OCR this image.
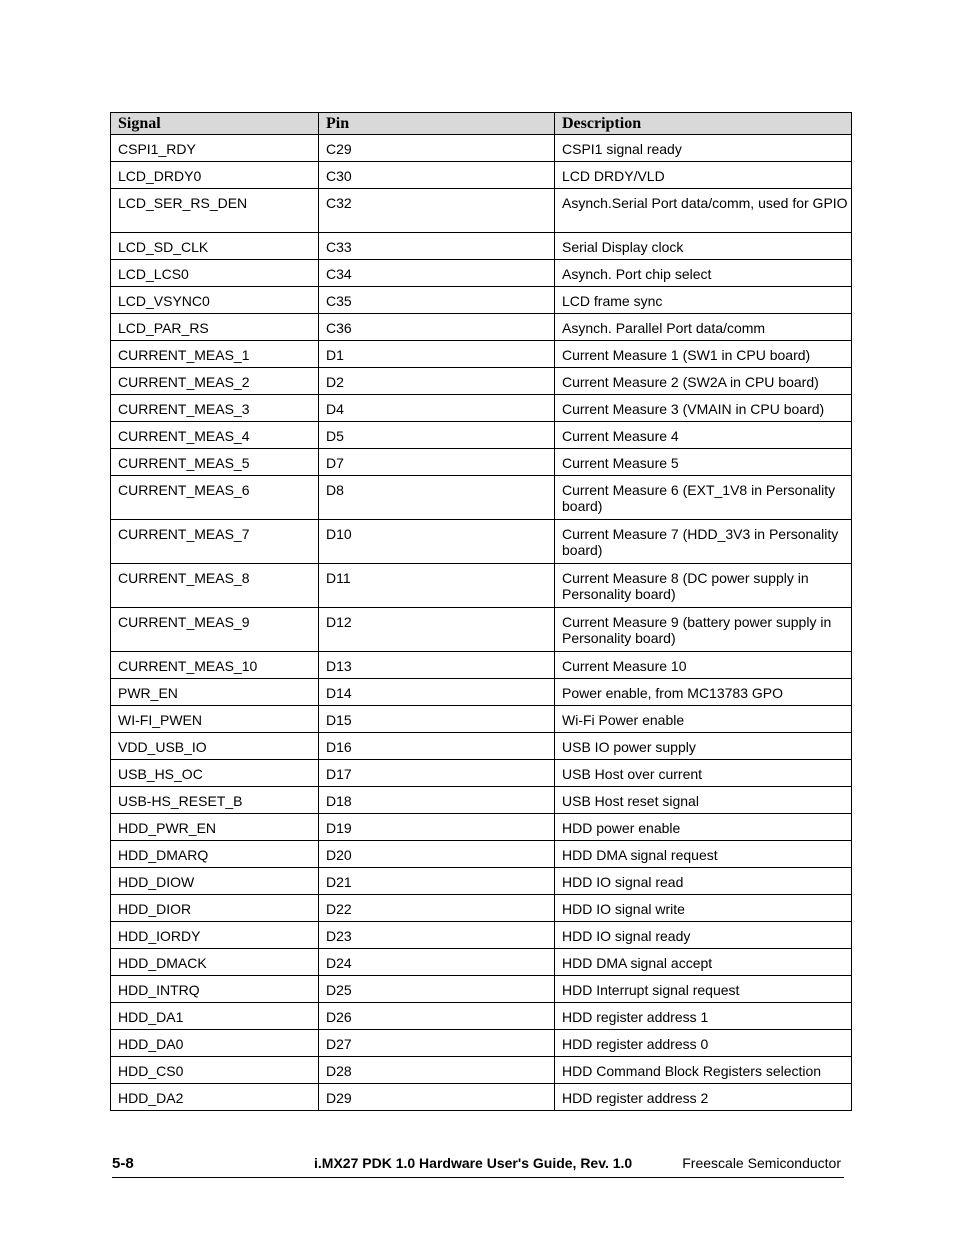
Signal	Pin	Description
CSPI1_RDY	C29	CSPI1 signal ready
LCD_DRDY0	C30	LCD DRDY/VLD
LCD_SER_RS_DEN	C32	Asynch.Serial Port data/comm, used for GPIO
LCD_SD_CLK	C33	Serial Display clock
LCD_LCS0	C34	Asynch. Port chip select
LCD_VSYNC0	C35	LCD frame sync
LCD_PAR_RS	C36	Asynch. Parallel Port data/comm
CURRENT_MEAS_1	D1	Current Measure 1 (SW1 in CPU board)
CURRENT_MEAS_2	D2	Current Measure 2 (SW2A in CPU board)
CURRENT_MEAS_3	D4	Current Measure 3 (VMAIN in CPU board)
CURRENT_MEAS_4	D5	Current Measure 4
CURRENT_MEAS_5	D7	Current Measure 5
CURRENT_MEAS_6	D8	Current Measure 6 (EXT_1V8 in Personality board)
CURRENT_MEAS_7	D10	Current Measure 7 (HDD_3V3 in Personality board)
CURRENT_MEAS_8	D11	Current Measure 8 (DC power supply in Personality board)
CURRENT_MEAS_9	D12	Current Measure 9 (battery power supply in Personality board)
CURRENT_MEAS_10	D13	Current Measure 10
PWR_EN	D14	Power enable, from MC13783 GPO
WI-FI_PWEN	D15	Wi-Fi Power enable
VDD_USB_IO	D16	USB IO power supply
USB_HS_OC	D17	USB Host over current
USB-HS_RESET_B	D18	USB Host reset signal
HDD_PWR_EN	D19	HDD power enable
HDD_DMARQ	D20	HDD DMA signal request
HDD_DIOW	D21	HDD IO signal read
HDD_DIOR	D22	HDD IO signal write
HDD_IORDY	D23	HDD IO signal ready
HDD_DMACK	D24	HDD DMA signal accept
HDD_INTRQ	D25	HDD Interrupt signal request
HDD_DA1	D26	HDD register address 1
HDD_DA0	D27	HDD register address 0
HDD_CS0	D28	HDD Command Block Registers selection
HDD_DA2	D29	HDD register address 2
5-8	i.MX27 PDK 1.0 Hardware User's Guide, Rev. 1.0	Freescale Semiconductor
